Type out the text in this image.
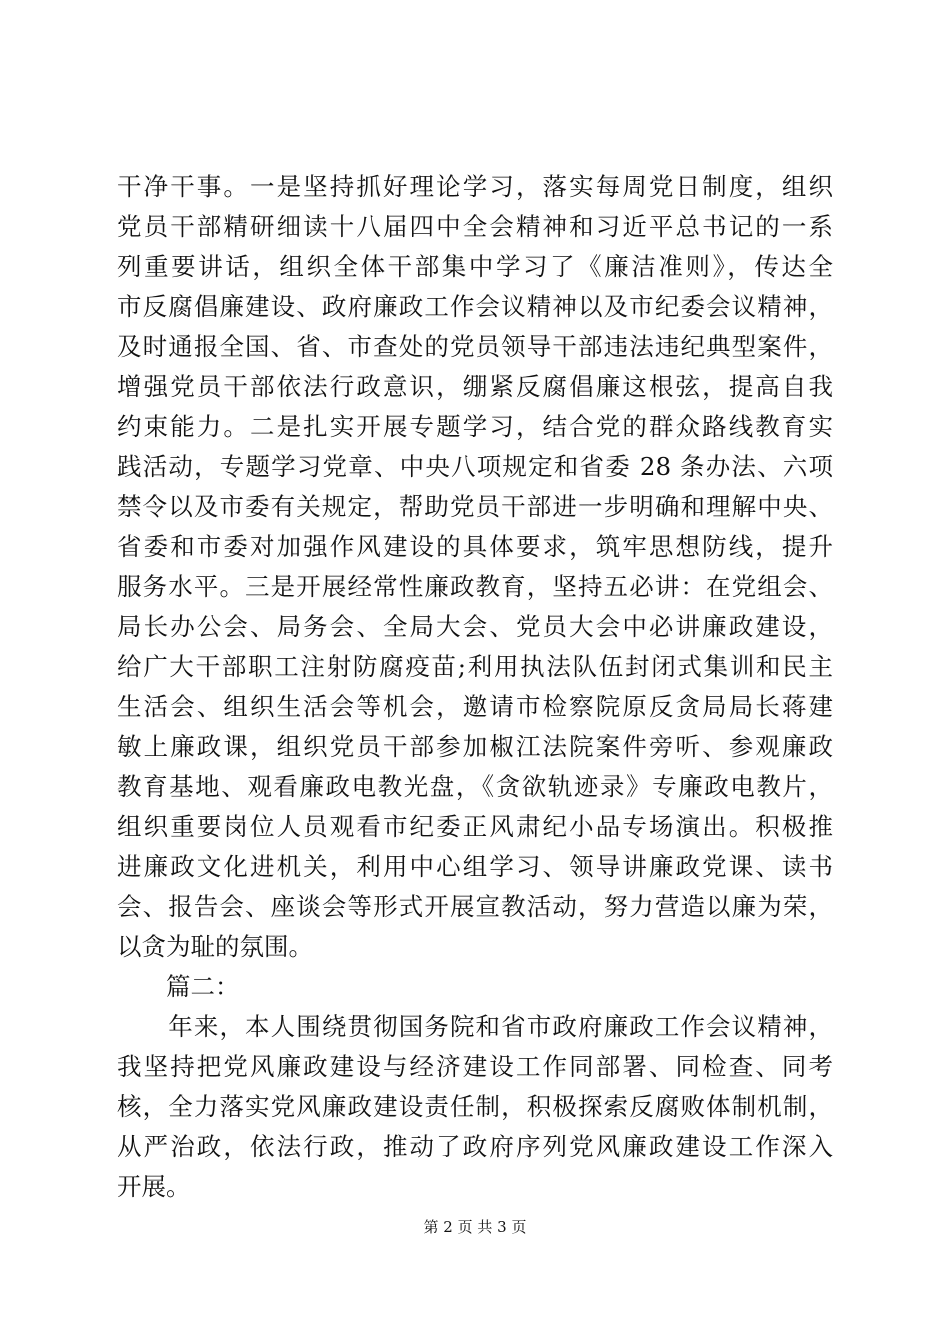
干净干事。一是坚持抓好理论学习，落实每周党日制度，组织
党员干部精研细读十八届四中全会精神和习近平总书记的一系
列重要讲话，组织全体干部集中学习了《廉洁准则》，传达全
市反腐倡廉建设、政府廉政工作会议精神以及市纪委会议精神，
及时通报全国、省、市查处的党员领导干部违法违纪典型案件，
增强党员干部依法行政意识，绷紧反腐倡廉这根弦，提高自我
约束能力。二是扎实开展专题学习，结合党的群众路线教育实
践活动，专题学习党章、中央八项规定和省委 28 条办法、六项
禁令以及市委有关规定，帮助党员干部进一步明确和理解中央、
省委和市委对加强作风建设的具体要求，筑牢思想防线，提升
服务水平。三是开展经常性廉政教育，坚持五必讲：在党组会、
局长办公会、局务会、全局大会、党员大会中必讲廉政建设，
给广大干部职工注射防腐疫苗;利用执法队伍封闭式集训和民主
生活会、组织生活会等机会，邀请市检察院原反贪局局长蒋建
敏上廉政课，组织党员干部参加椒江法院案件旁听、参观廉政
教育基地、观看廉政电教光盘，《贪欲轨迹录》专廉政电教片，
组织重要岗位人员观看市纪委正风肃纪小品专场演出。积极推
进廉政文化进机关，利用中心组学习、领导讲廉政党课、读书
会、报告会、座谈会等形式开展宣教活动，努力营造以廉为荣，
以贪为耻的氛围。
　　篇二：
　　年来，本人围绕贯彻国务院和省市政府廉政工作会议精神，
我坚持把党风廉政建设与经济建设工作同部署、同检查、同考
核，全力落实党风廉政建设责任制，积极探索反腐败体制机制，
从严治政，依法行政，推动了政府序列党风廉政建设工作深入
开展。
第 2 页 共 3 页
